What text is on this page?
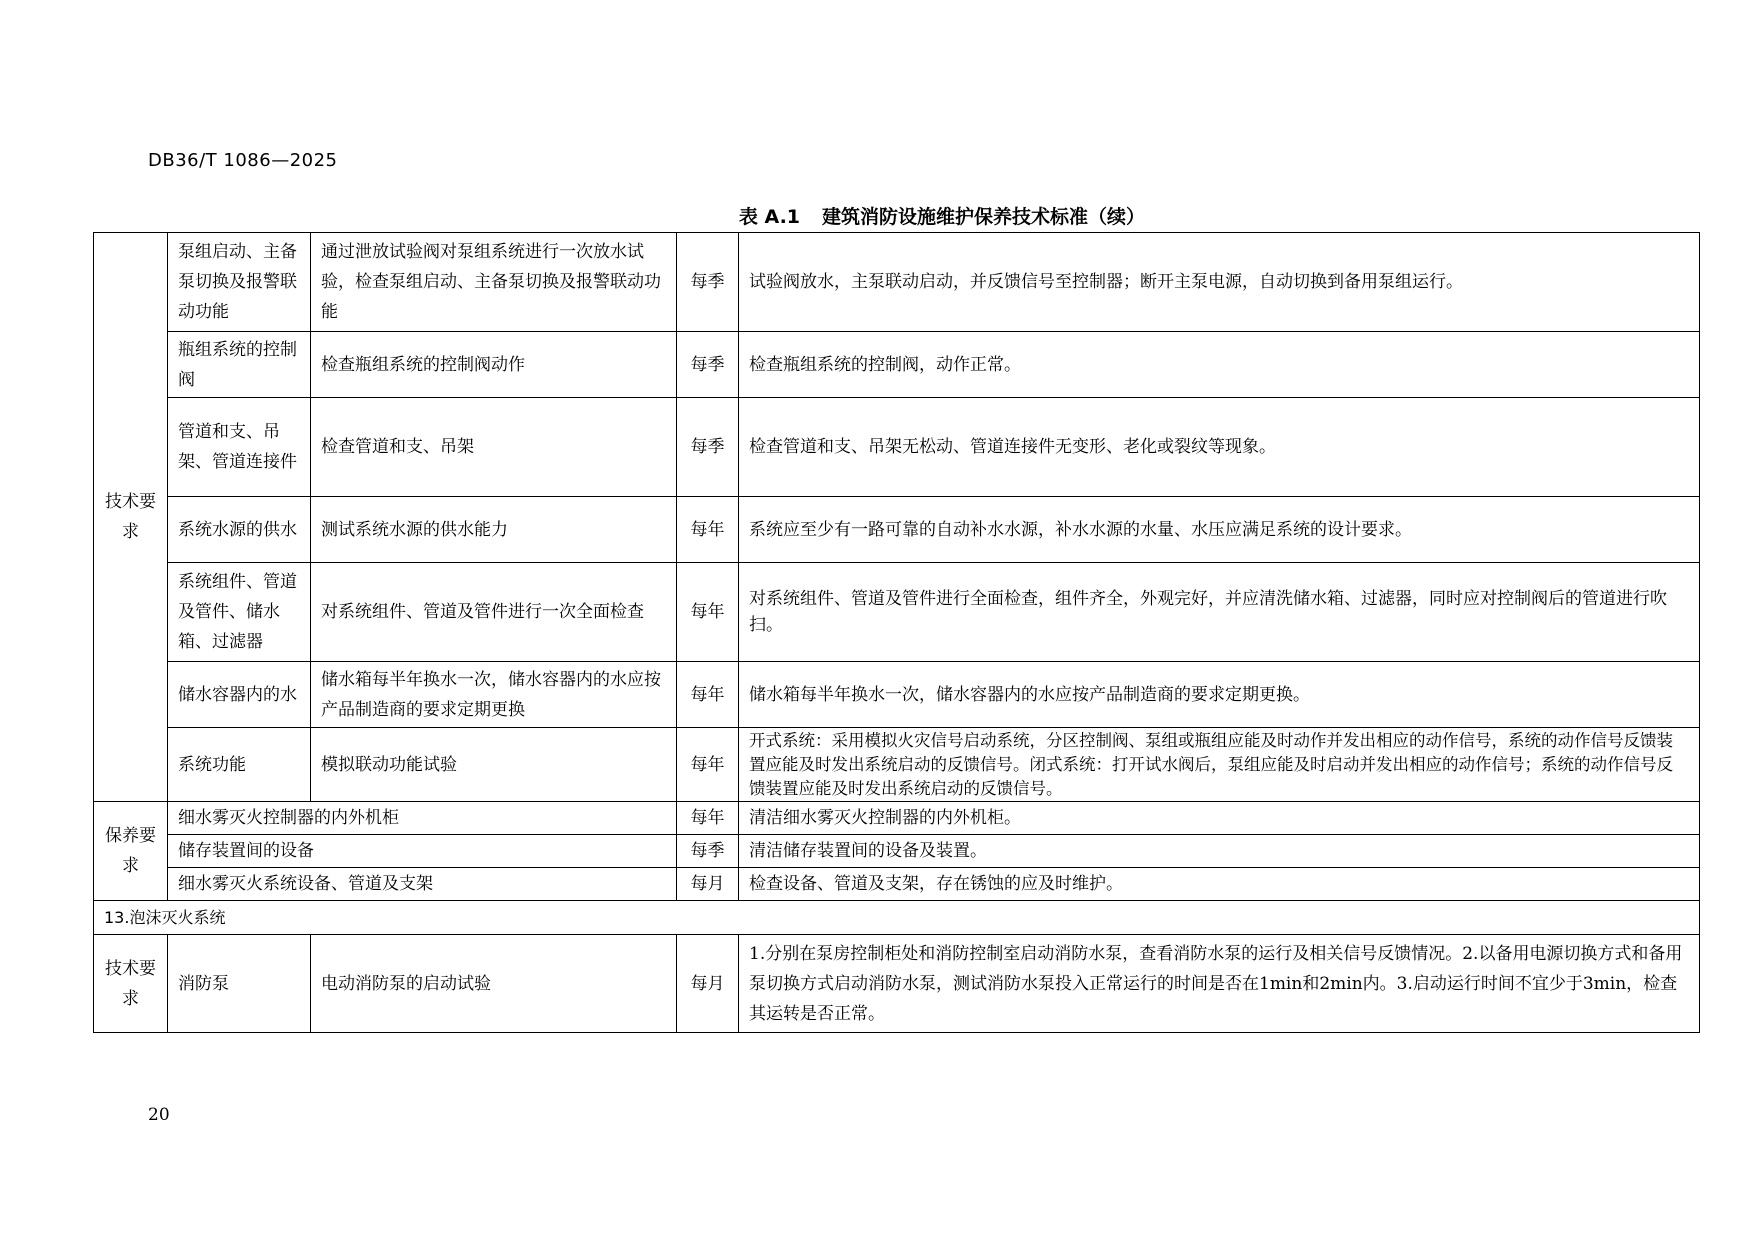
DB36/T 1086—2025
表 A.1 建筑消防设施维护保养技术标准（续）
技术要求	泵组启动、主备泵切换及报警联动功能	通过泄放试验阀对泵组系统进行一次放水试验，检查泵组启动、主备泵切换及报警联动功能	每季	试验阀放水，主泵联动启动，并反馈信号至控制器；断开主泵电源，自动切换到备用泵组运行。
	瓶组系统的控制阀	检查瓶组系统的控制阀动作	每季	检查瓶组系统的控制阀，动作正常。
	管道和支、吊架、管道连接件	检查管道和支、吊架	每季	检查管道和支、吊架无松动、管道连接件无变形、老化或裂纹等现象。
	系统水源的供水	测试系统水源的供水能力	每年	系统应至少有一路可靠的自动补水水源，补水水源的水量、水压应满足系统的设计要求。
	系统组件、管道及管件、储水箱、过滤器	对系统组件、管道及管件进行一次全面检查	每年	对系统组件、管道及管件进行全面检查，组件齐全，外观完好，并应清洗储水箱、过滤器，同时应对控制阀后的管道进行吹扫。
	储水容器内的水	储水箱每半年换水一次，储水容器内的水应按产品制造商的要求定期更换	每年	储水箱每半年换水一次，储水容器内的水应按产品制造商的要求定期更换。
	系统功能	模拟联动功能试验	每年	开式系统：采用模拟火灾信号启动系统，分区控制阀、泵组或瓶组应能及时动作并发出相应的动作信号，系统的动作信号反馈装置应能及时发出系统启动的反馈信号。闭式系统：打开试水阀后，泵组应能及时启动并发出相应的动作信号；系统的动作信号反馈装置应能及时发出系统启动的反馈信号。
保养要求	细水雾灭火控制器的内外机柜		每年	清洁细水雾灭火控制器的内外机柜。
	储存装置间的设备		每季	清洁储存装置间的设备及装置。
	细水雾灭火系统设备、管道及支架		每月	检查设备、管道及支架，存在锈蚀的应及时维护。
13.泡沫灭火系统				
技术要求	消防泵	电动消防泵的启动试验	每月	1.分别在泵房控制柜处和消防控制室启动消防水泵，查看消防水泵的运行及相关信号反馈情况。2.以备用电源切换方式和备用泵切换方式启动消防水泵，测试消防水泵投入正常运行的时间是否在1min和2min内。3.启动运行时间不宜少于3min，检查其运转是否正常。
20
